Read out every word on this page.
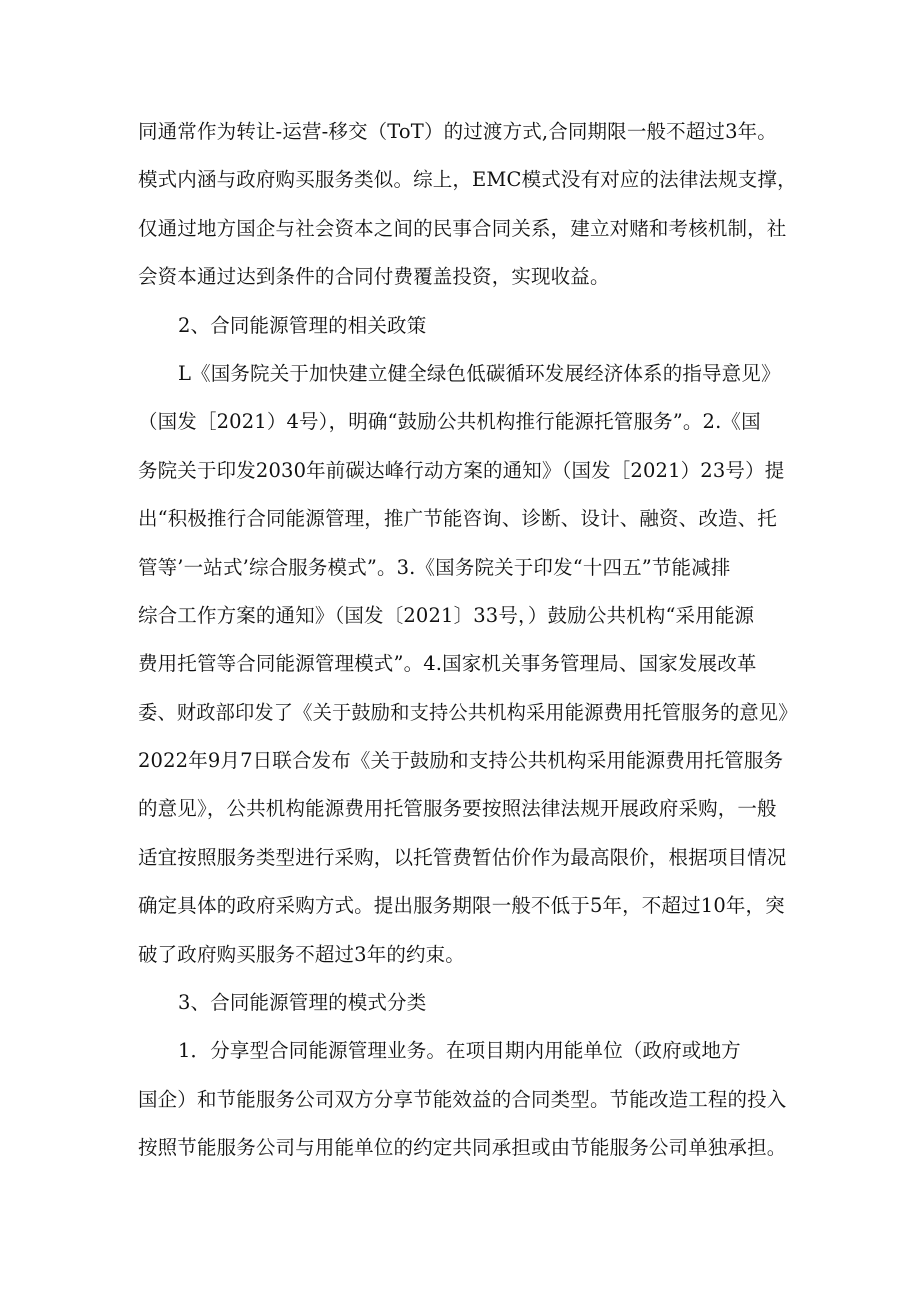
同通常作为转让-运营-移交（ToT）的过渡方式,合同期限一般不超过3年。
模式内涵与政府购买服务类似。综上，EMC模式没有对应的法律法规支撑，
仅通过地方国企与社会资本之间的民事合同关系，建立对赌和考核机制，社
会资本通过达到条件的合同付费覆盖投资，实现收益。
2、合同能源管理的相关政策
L《国务院关于加快建立健全绿色低碳循环发展经济体系的指导意见》
（国发［2021）4号），明确“鼓励公共机构推行能源托管服务”。2.《国
务院关于印发2030年前碳达峰行动方案的通知》（国发［2021）23号）提
出“积极推行合同能源管理，推广节能咨询、诊断、设计、融资、改造、托
管等’一站式’综合服务模式”。3.《国务院关于印发“十四五”节能减排
综合工作方案的通知》（国发〔2021〕33号，）鼓励公共机构“采用能源
费用托管等合同能源管理模式”。4.国家机关事务管理局、国家发展改革
委、财政部印发了《关于鼓励和支持公共机构采用能源费用托管服务的意见》
2022年9月7日联合发布《关于鼓励和支持公共机构采用能源费用托管服务
的意见》，公共机构能源费用托管服务要按照法律法规开展政府采购，一般
适宜按照服务类型进行采购，以托管费暂估价作为最高限价，根据项目情况
确定具体的政府采购方式。提出服务期限一般不低于5年，不超过10年，突
破了政府购买服务不超过3年的约束。
3、合同能源管理的模式分类
1．分享型合同能源管理业务。在项目期内用能单位（政府或地方
国企）和节能服务公司双方分享节能效益的合同类型。节能改造工程的投入
按照节能服务公司与用能单位的约定共同承担或由节能服务公司单独承担。
